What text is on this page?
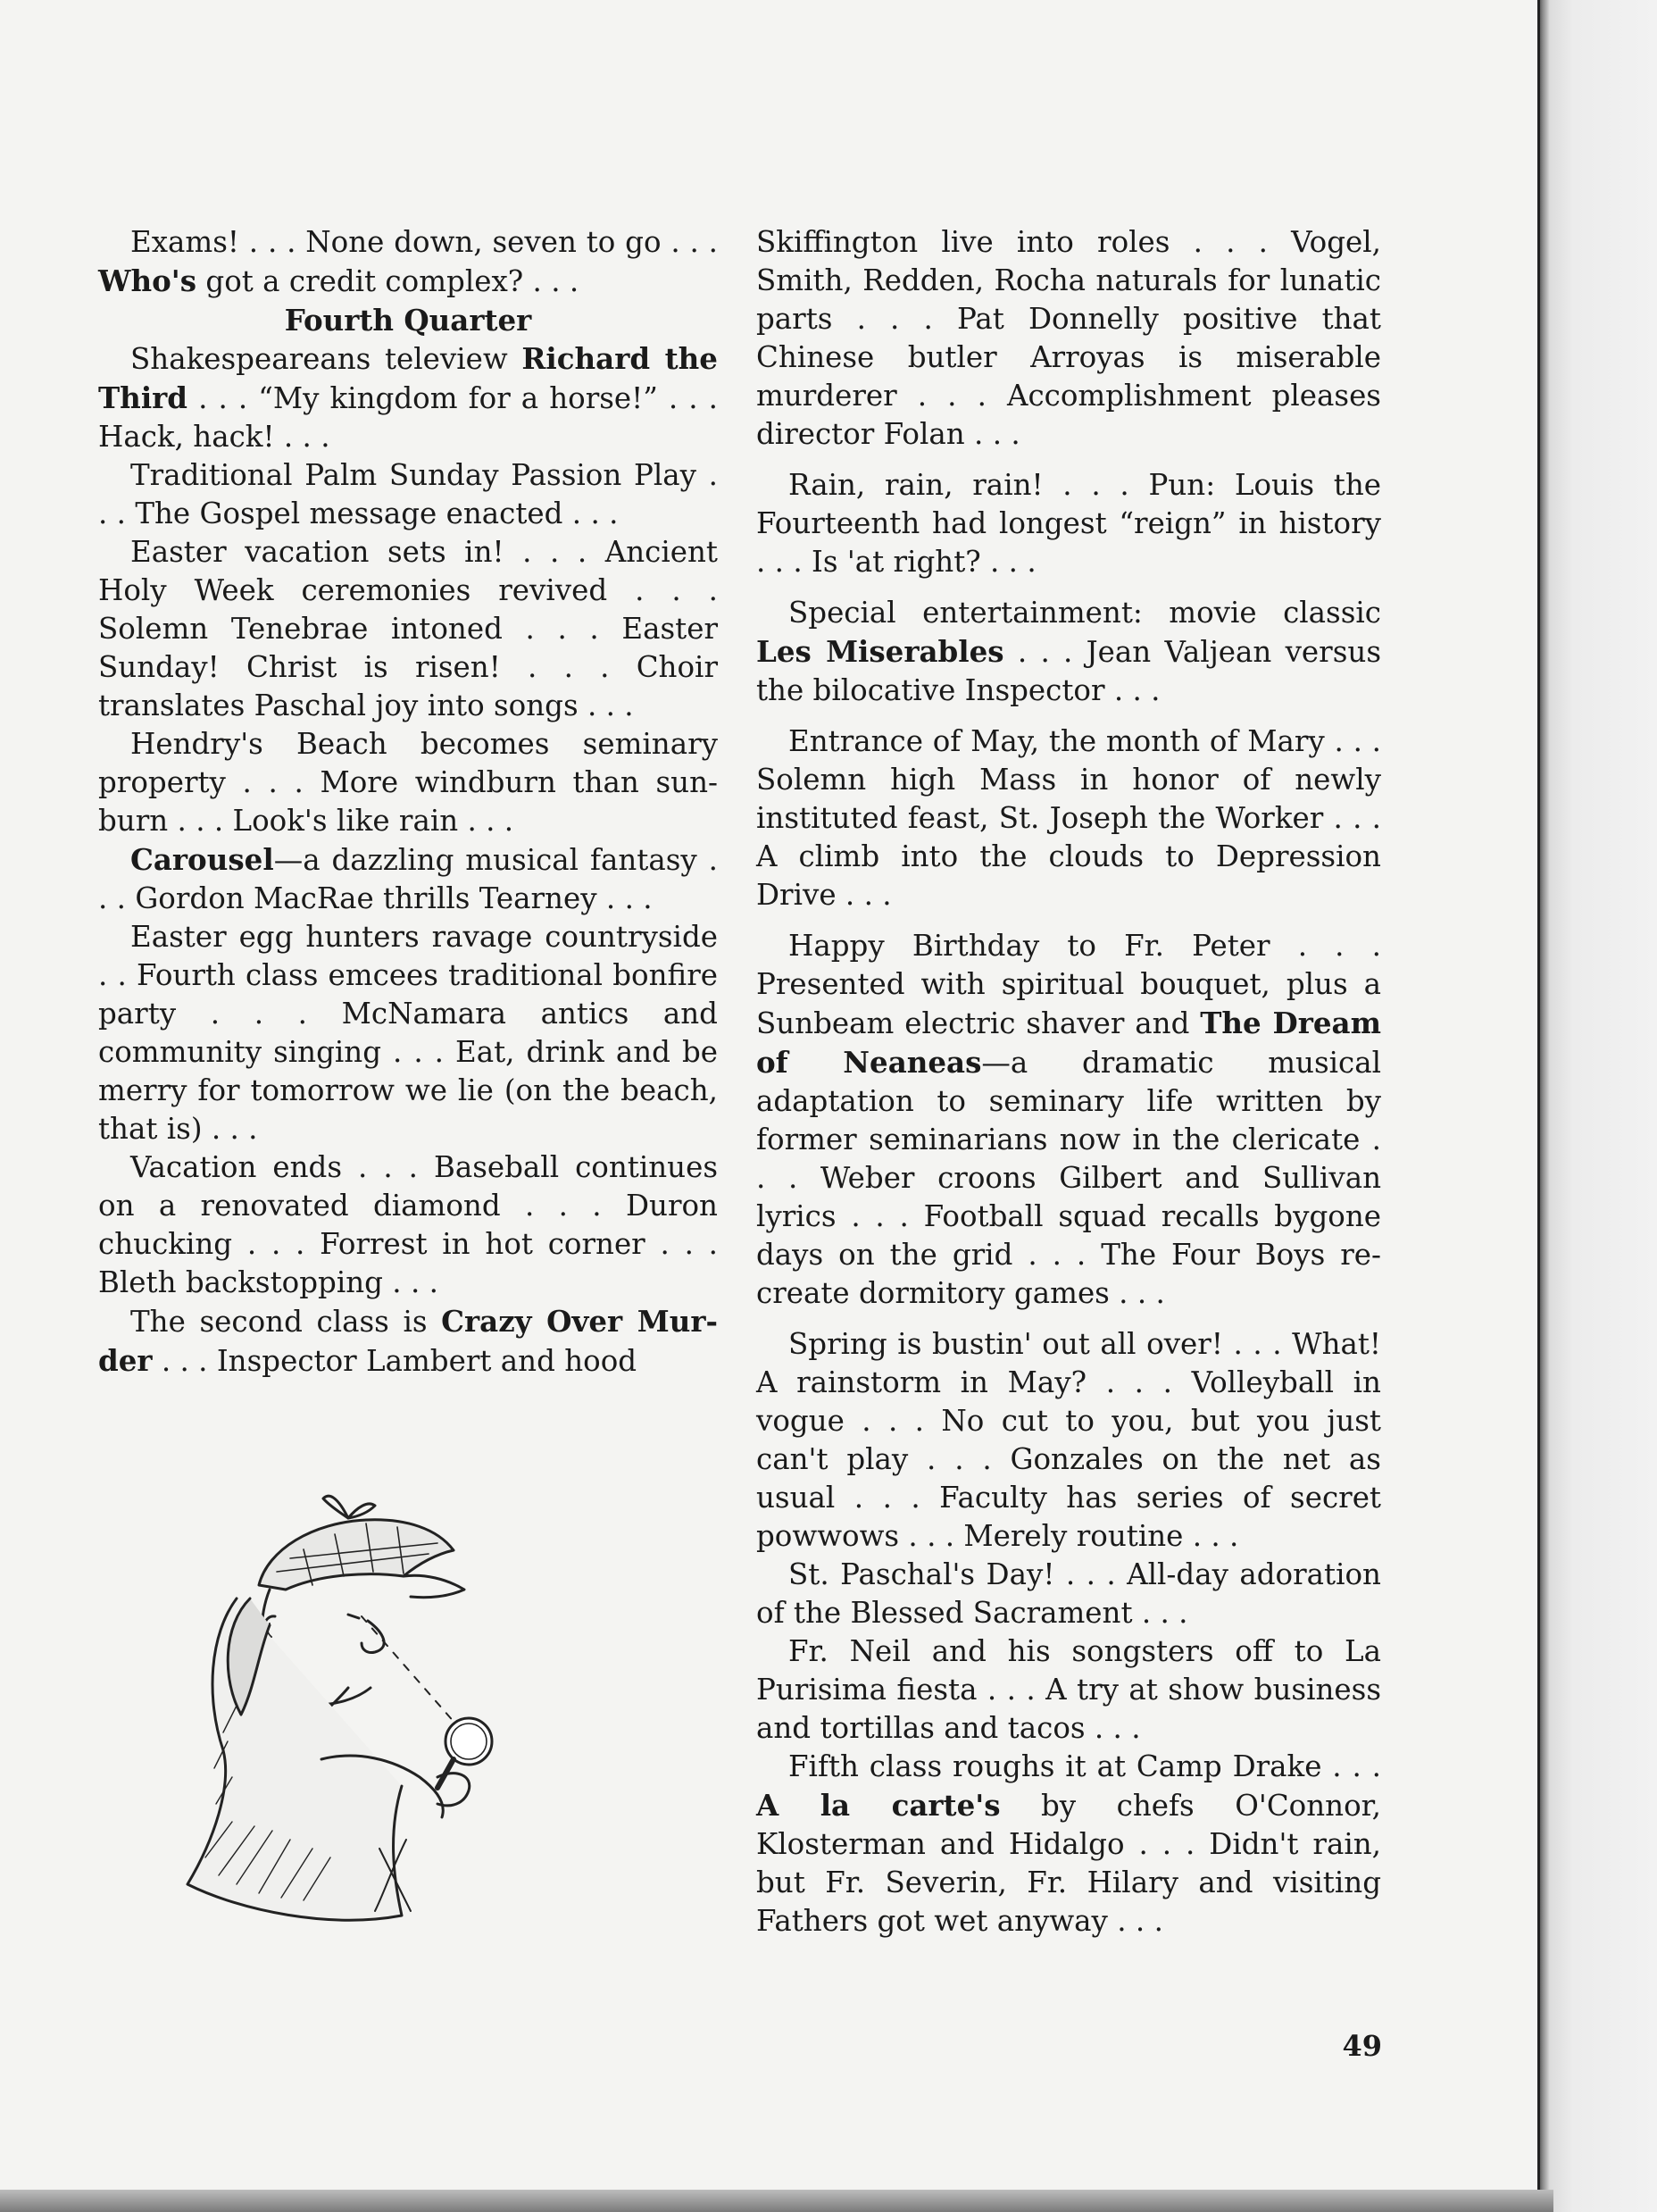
Exams! . . . None down, seven to go . . . Who's got a credit complex? . . .

Fourth Quarter

Shakespeareans teleview Richard the Third . . . “My kingdom for a horse!” . . . Hack, hack! . . .

Traditional Palm Sunday Passion Play . . . The Gospel message enacted . . .

Easter vacation sets in! . . . Ancient Holy Week ceremonies revived . . . Solemn Tenebrae intoned . . . Easter Sunday! Christ is risen! . . . Choir translates Paschal joy into songs . . .

Hendry's Beach becomes seminary property . . . More windburn than sunburn . . . Look's like rain . . .

Carousel—a dazzling musical fantasy . . . Gordon MacRae thrills Tearney . . .

Easter egg hunters ravage countryside . . Fourth class emcees traditional bonfire party . . . McNamara antics and community singing . . . Eat, drink and be merry for tomorrow we lie (on the beach, that is) . . .

Vacation ends . . . Baseball continues on a renovated diamond . . . Duron chucking . . . Forrest in hot corner . . . Bleth backstopping . . .

The second class is Crazy Over Murder . . . Inspector Lambert and hood

Skiffington live into roles . . . Vogel, Smith, Redden, Rocha naturals for lunatic parts . . . Pat Donnelly positive that Chinese butler Arroyas is miserable murderer . . . Accomplishment pleases director Folan . . .

Rain, rain, rain! . . . Pun: Louis the Fourteenth had longest “reign” in history . . . Is 'at right? . . .

Special entertainment: movie classic Les Miserables . . . Jean Valjean versus the bilocative Inspector . . .

Entrance of May, the month of Mary . . . Solemn high Mass in honor of newly instituted feast, St. Joseph the Worker . . . A climb into the clouds to Depression Drive . . .

Happy Birthday to Fr. Peter . . . Presented with spiritual bouquet, plus a Sunbeam electric shaver and The Dream of Neaneas—a dramatic musical adaptation to seminary life written by former seminarians now in the clericate . . . Weber croons Gilbert and Sullivan lyrics . . . Football squad recalls bygone days on the grid . . . The Four Boys re-create dormitory games . . .

Spring is bustin' out all over! . . . What! A rainstorm in May? . . . Volleyball in vogue . . . No cut to you, but you just can't play . . . Gonzales on the net as usual . . . Faculty has series of secret powwows . . . Merely routine . . .

St. Paschal's Day! . . . All-day adoration of the Blessed Sacrament . . .

Fr. Neil and his songsters off to La Purisima fiesta . . . A try at show business and tortillas and tacos . . .

Fifth class roughs it at Camp Drake . . . A la carte's by chefs O'Connor, Klosterman and Hidalgo . . . Didn't rain, but Fr. Severin, Fr. Hilary and visiting Fathers got wet anyway . . .

49
